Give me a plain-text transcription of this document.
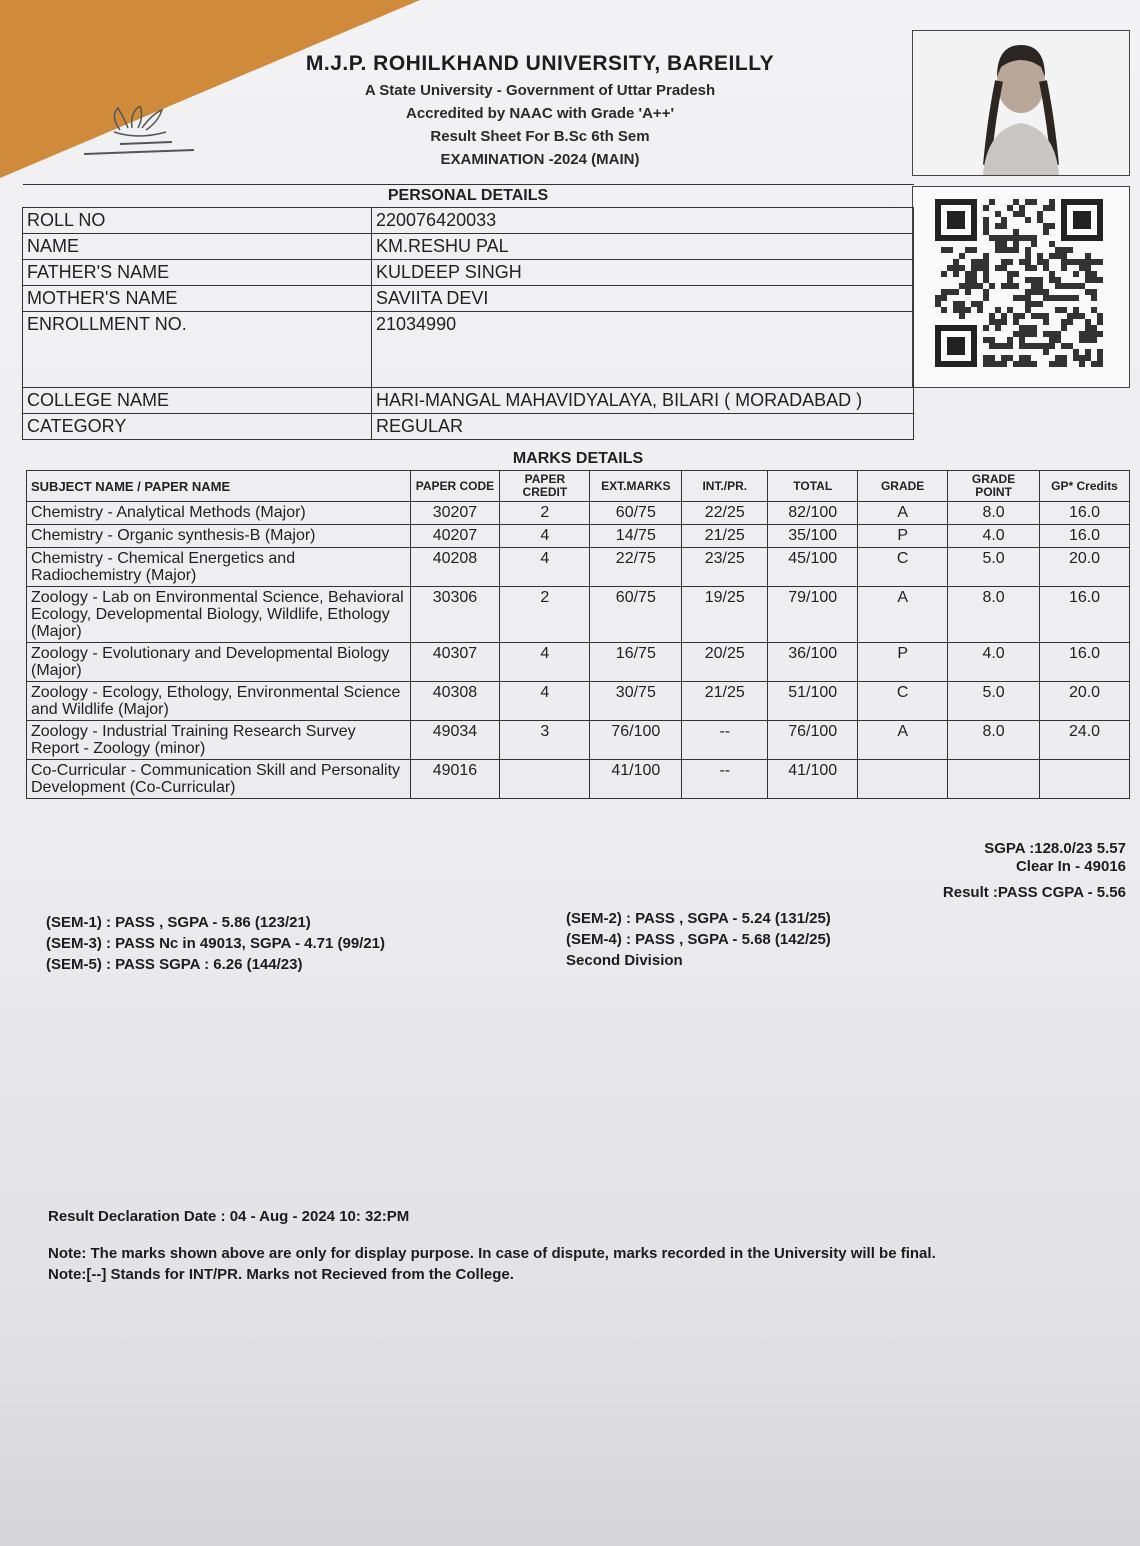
M.J.P. ROHILKHAND UNIVERSITY, BAREILLY
A State University - Government of Uttar Pradesh
Accredited by NAAC with Grade 'A++'
Result Sheet For B.Sc 6th Sem
EXAMINATION -2024 (MAIN)
PERSONAL DETAILS	
ROLL NO	220076420033
NAME	KM.RESHU PAL
FATHER'S NAME	KULDEEP SINGH
MOTHER'S NAME	SAVIITA DEVI
ENROLLMENT NO.	21034990
COLLEGE NAME	HARI-MANGAL MAHAVIDYALAYA, BILARI ( MORADABAD )
CATEGORY	REGULAR
MARKS DETAILS								
SUBJECT NAME / PAPER NAME	PAPER CODE	PAPER CREDIT	EXT.MARKS	INT./PR.	TOTAL	GRADE	GRADE POINT	GP* Credits
Chemistry - Analytical Methods (Major)	30207	2	60/75	22/25	82/100	A	8.0	16.0
Chemistry - Organic synthesis-B (Major)	40207	4	14/75	21/25	35/100	P	4.0	16.0
Chemistry - Chemical Energetics and Radiochemistry (Major)	40208	4	22/75	23/25	45/100	C	5.0	20.0
Zoology - Lab on Environmental Science, Behavioral Ecology, Developmental Biology, Wildlife, Ethology (Major)	30306	2	60/75	19/25	79/100	A	8.0	16.0
Zoology - Evolutionary and Developmental Biology (Major)	40307	4	16/75	20/25	36/100	P	4.0	16.0
Zoology - Ecology, Ethology, Environmental Science and Wildlife (Major)	40308	4	30/75	21/25	51/100	C	5.0	20.0
Zoology - Industrial Training Research Survey Report - Zoology (minor)	49034	3	76/100	--	76/100	A	8.0	24.0
Co-Curricular - Communication Skill and Personality Development (Co-Curricular)	49016		41/100	--	41/100			
SGPA :128.0/23 5.57
Clear In - 49016
Result :PASS CGPA - 5.56
(SEM-1) : PASS , SGPA - 5.86 (123/21)
(SEM-3) : PASS Nc in 49013, SGPA - 4.71 (99/21)
(SEM-5) : PASS SGPA : 6.26 (144/23)
(SEM-2) : PASS , SGPA - 5.24 (131/25)
(SEM-4) : PASS , SGPA - 5.68 (142/25)
Second Division
Result Declaration Date : 04 - Aug - 2024 10: 32:PM
Note: The marks shown above are only for display purpose. In case of dispute, marks recorded in the University will be final.
Note:[--] Stands for INT/PR. Marks not Recieved from the College.
